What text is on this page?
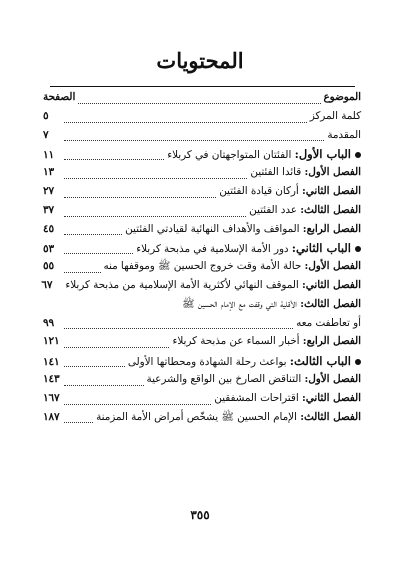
المحتويات
الموضوع
الصفحة
كلمة المركز
٥
المقدمة
٧
الباب الأول: الفئتان المتواجهتان في كربلاء
١١
الفصل الأول: قائدا الفئتين
١٣
الفصل الثاني: أركان قيادة الفئتين
٢٧
الفصل الثالث: عدد الفئتين
٣٧
الفصل الرابع: المواقف والأهداف النهائية لقيادتي الفئتين
٤٥
الباب الثاني: دور الأمة الإسلامية في مذبحة كربلاء
٥٣
الفصل الأول: حالة الأمة وقت خروج الحسين ﷺ وموقفها منه
٥٥
الفصل الثاني: الموقف النهائي لأكثرية الأمة الإسلامية من مذبحة كربلاء
٦٧
الفصل الثالث: الأقلية التي وقفت مع الإمام الحسين ﷺ
أو تعاطفت معه
٩٩
الفصل الرابع: أخبار السماء عن مذبحة كربلاء
١٢١
الباب الثالث: بواعث رحلة الشهادة ومحطاتها الأولى
١٤١
الفصل الأول: التناقض الصارخ بين الواقع والشرعية
١٤٣
الفصل الثاني: اقتراحات المشفقين
١٦٧
الفصل الثالث: الإمام الحسين ﷺ يشخّص أمراض الأمة المزمنة
١٨٧
٣٥٥
